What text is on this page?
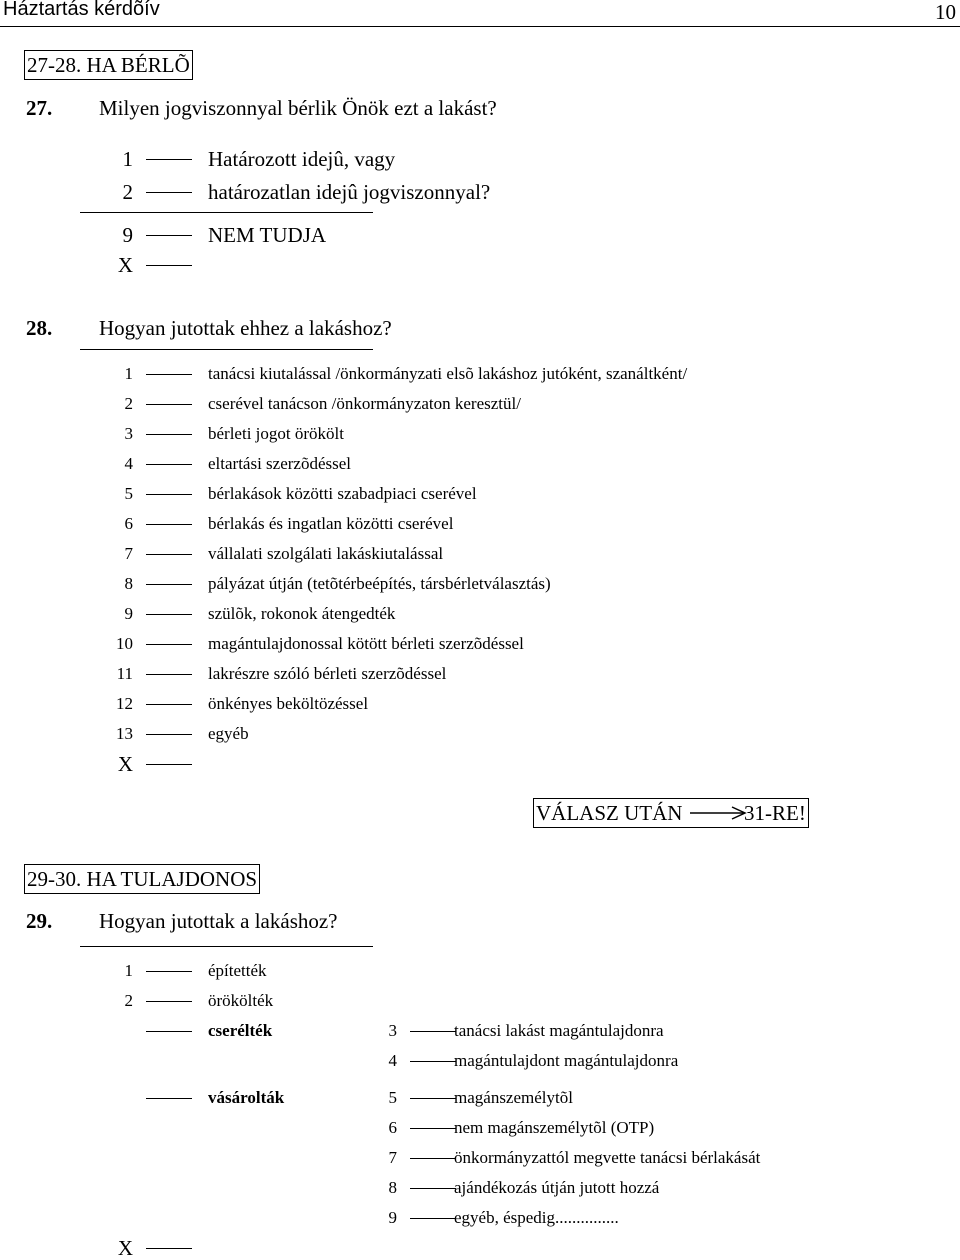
Háztartás kérdõív	10
27-28. HA BÉRLÕ
27. Milyen jogviszonnyal bérlik Önök ezt a lakást?
1	Határozott idejû, vagy
2	határozatlan idejû jogviszonnyal?
9	NEM TUDJA
X
28. Hogyan jutottak ehhez a lakáshoz?
1	tanácsi kiutalással /önkormányzati elsõ lakáshoz jutóként, szanáltként/
2	cserével tanácson /önkormányzaton keresztül/
3	bérleti jogot örökölt
4	eltartási szerzõdéssel
5	bérlakások közötti szabadpiaci cserével
6	bérlakás és ingatlan közötti cserével
7	vállalati szolgálati lakáskiutalással
8	pályázat útján (tetõtérbeépítés, társbérletválasztás)
9	szülõk, rokonok átengedték
10	magántulajdonossal kötött bérleti szerzõdéssel
11	lakrészre szóló bérleti szerzõdéssel
12	önkényes beköltözéssel
13	egyéb
X
VÁLASZ UTÁN	31-RE!
29-30. HA TULAJDONOS
29. Hogyan jutottak a lakáshoz?
1	építették
2	örökölték
cserélték	3	tanácsi lakást magántulajdonra
4	magántulajdont magántulajdonra
vásárolták	5	magánszemélytõl
6	nem magánszemélytõl (OTP)
7	önkormányzattól megvette tanácsi bérlakását
8	ajándékozás útján jutott hozzá
9	egyéb, éspedig...............
X
